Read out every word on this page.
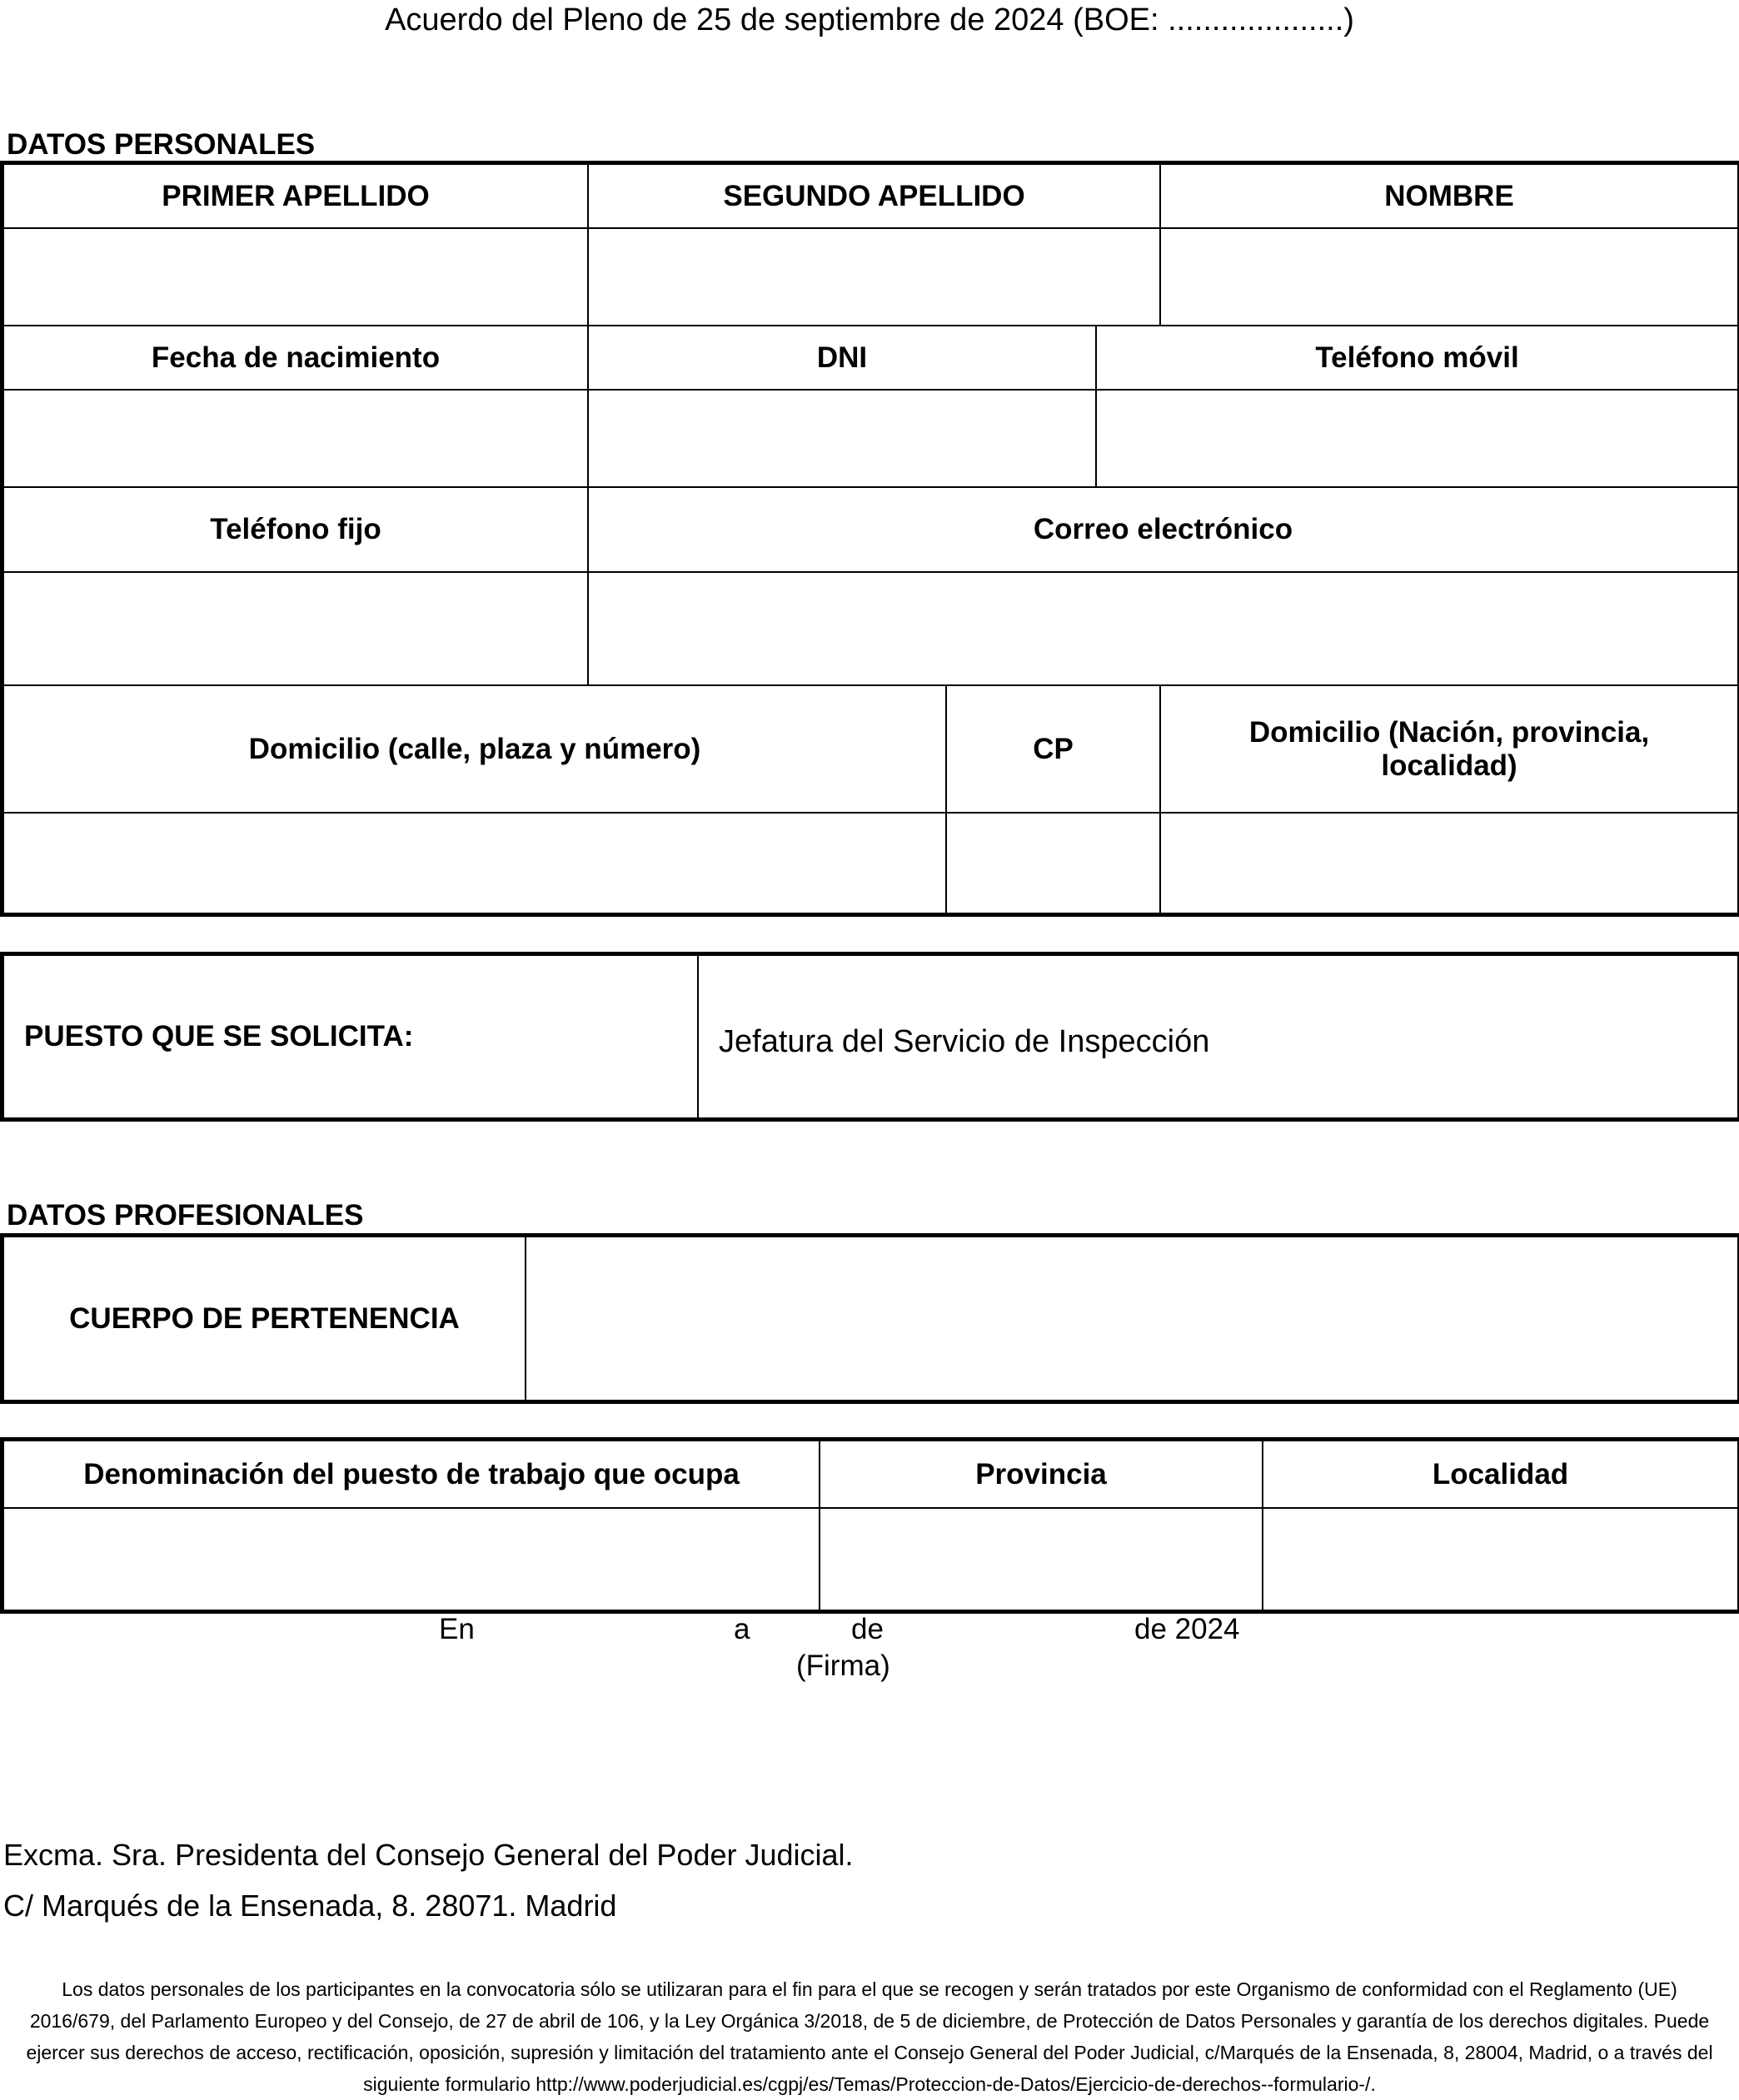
Acuerdo del Pleno de 25 de septiembre de 2024 (BOE: ....................)
DATOS PERSONALES
PRIMER APELLIDO	SEGUNDO APELLIDO			NOMBRE

Fecha de nacimiento	DNI		Teléfono móvil	

Teléfono fijo	Correo electrónico			

Domicilio (calle, plaza y número)		CP		Domicilio (Nación, provincia, localidad)

PUESTO QUE SE SOLICITA:	Jefatura del Servicio de Inspección
DATOS PROFESIONALES
CUERPO DE PERTENENCIA	
Denominación del puesto de trabajo que ocupa	Provincia	Localidad

En	a	de	de 2024
(Firma)
Excma. Sra. Presidenta del Consejo General del Poder Judicial.
C/ Marqués de la Ensenada, 8. 28071. Madrid
Los datos personales de los participantes en la convocatoria sólo se utilizaran para el fin para el que se recogen y serán tratados por este Organismo de conformidad con el Reglamento (UE)
2016/679, del Parlamento Europeo y del Consejo, de 27 de abril de 106, y la Ley Orgánica 3/2018, de 5 de diciembre, de Protección de Datos Personales y garantía de los derechos digitales. Puede
ejercer sus derechos de acceso, rectificación, oposición, supresión y limitación del tratamiento ante el Consejo General del Poder Judicial, c/Marqués de la Ensenada, 8, 28004, Madrid, o a través del
siguiente formulario http://www.poderjudicial.es/cgpj/es/Temas/Proteccion-de-Datos/Ejercicio-de-derechos--formulario-/.
